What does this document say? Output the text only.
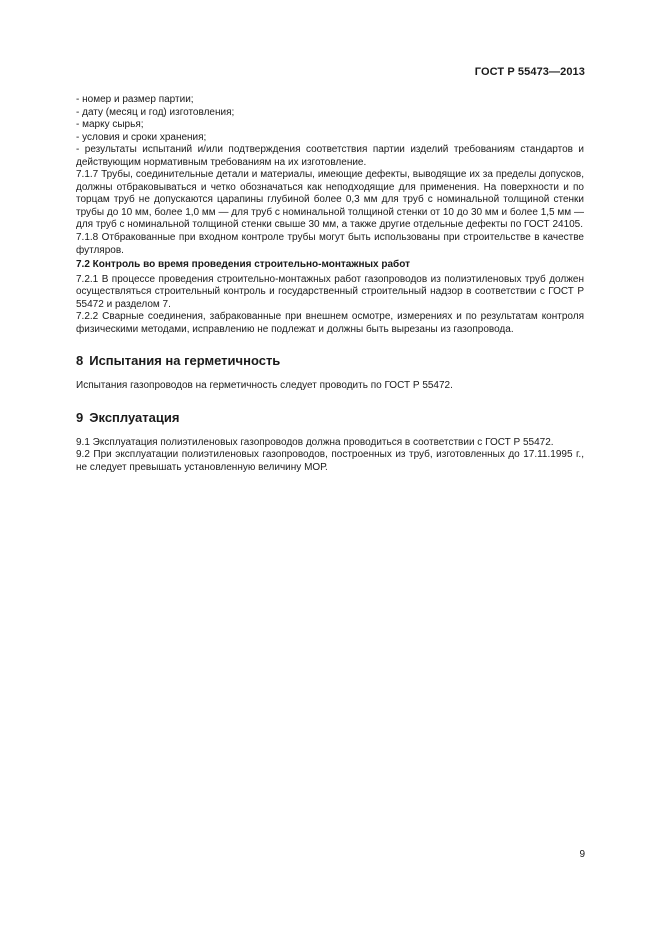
ГОСТ Р 55473—2013

- номер и размер партии;

- дату (месяц и год) изготовления;

- марку сырья;

- условия и сроки хранения;

- результаты испытаний и/или подтверждения соответствия партии изделий требованиям стандартов и действующим нормативным требованиям на их изготовление.

7.1.7 Трубы, соединительные детали и материалы, имеющие дефекты, выводящие их за пределы допусков, должны отбраковываться и четко обозначаться как неподходящие для применения. На поверхности и по торцам труб не допускаются царапины глубиной более 0,3 мм для труб с номинальной толщиной стенки трубы до 10 мм, более 1,0 мм — для труб с номинальной толщиной стенки от 10 до 30 мм и более 1,5 мм — для труб с номинальной толщиной стенки свыше 30 мм, а также другие отдельные дефекты по ГОСТ 24105.

7.1.8 Отбракованные при входном контроле трубы могут быть использованы при строительстве в качестве футляров.

7.2 Контроль во время проведения строительно-монтажных работ

7.2.1 В процессе проведения строительно-монтажных работ газопроводов из полиэтиленовых труб должен осуществляться строительный контроль и государственный строительный надзор в соответствии с ГОСТ Р 55472 и разделом 7.

7.2.2 Сварные соединения, забракованные при внешнем осмотре, измерениях и по результатам контроля физическими методами, исправлению не подлежат и должны быть вырезаны из газопровода.

8 Испытания на герметичность

Испытания газопроводов на герметичность следует проводить по ГОСТ Р 55472.

9 Эксплуатация

9.1 Эксплуатация полиэтиленовых газопроводов должна проводиться в соответствии с ГОСТ Р 55472.

9.2 При эксплуатации полиэтиленовых газопроводов, построенных из труб, изготовленных до 17.11.1995 г., не следует превышать установленную величину МОР.

9
